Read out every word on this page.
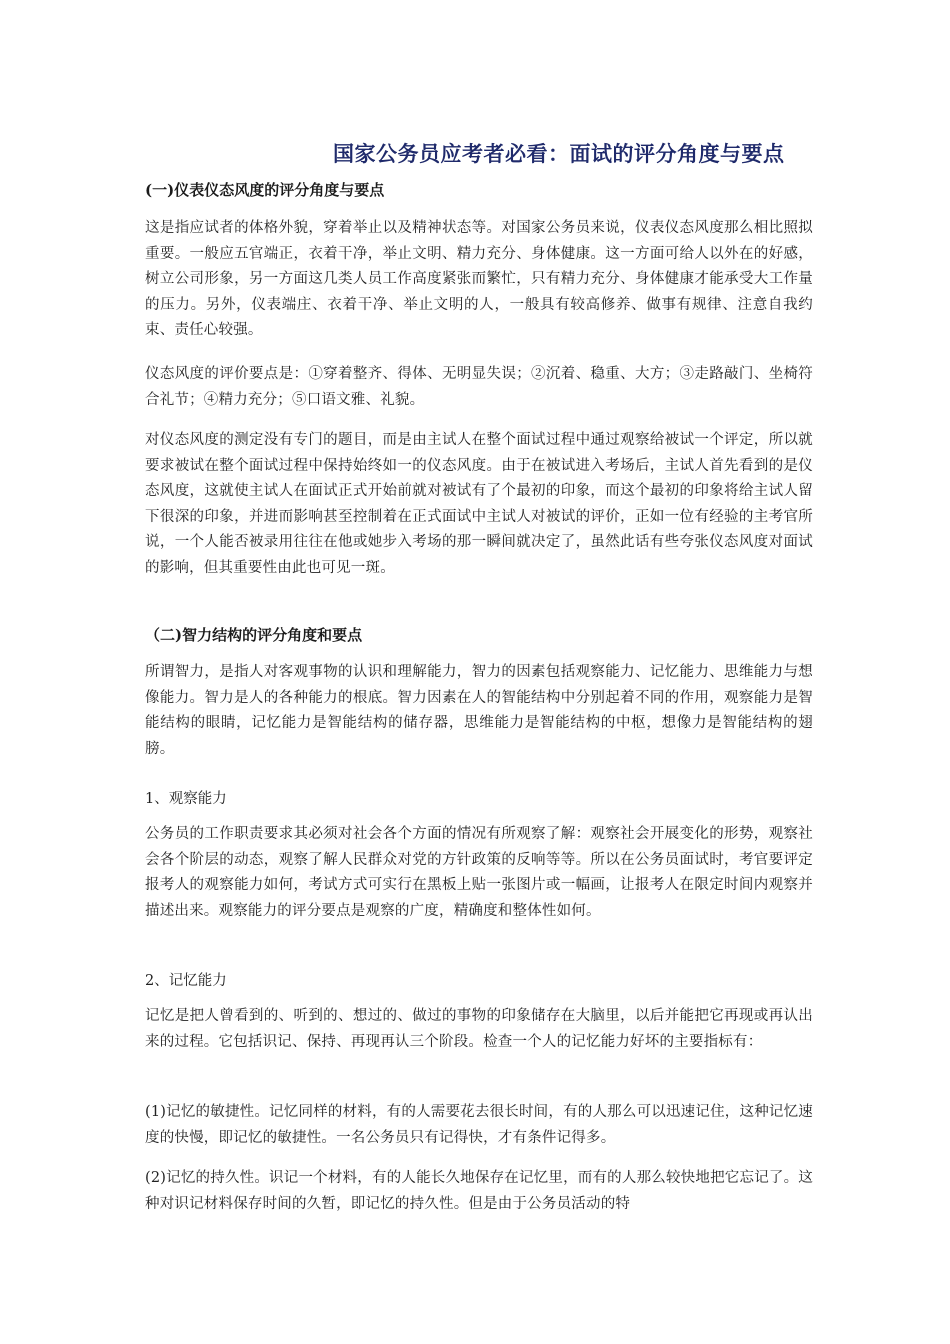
国家公务员应考者必看：面试的评分角度与要点
(一)仪表仪态风度的评分角度与要点

这是指应试者的体格外貌，穿着举止以及精神状态等。对国家公务员来说，仪表仪态风度那么相比照拟重要。一般应五官端正，衣着干净，举止文明、精力充分、身体健康。这一方面可给人以外在的好感，树立公司形象，另一方面这几类人员工作高度紧张而繁忙，只有精力充分、身体健康才能承受大工作量的压力。另外，仪表端庄、衣着干净、举止文明的人，一般具有较高修养、做事有规律、注意自我约束、责任心较强。

仪态风度的评价要点是：①穿着整齐、得体、无明显失误；②沉着、稳重、大方；③走路敲门、坐椅符合礼节；④精力充分；⑤口语文雅、礼貌。

对仪态风度的测定没有专门的题目，而是由主试人在整个面试过程中通过观察给被试一个评定，所以就要求被试在整个面试过程中保持始终如一的仪态风度。由于在被试进入考场后，主试人首先看到的是仪态风度，这就使主试人在面试正式开始前就对被试有了个最初的印象，而这个最初的印象将给主试人留下很深的印象，并进而影响甚至控制着在正式面试中主试人对被试的评价，正如一位有经验的主考官所说，一个人能否被录用往往在他或她步入考场的那一瞬间就决定了，虽然此话有些夸张仪态风度对面试的影响，但其重要性由此也可见一斑。

（二)智力结构的评分角度和要点

所谓智力，是指人对客观事物的认识和理解能力，智力的因素包括观察能力、记忆能力、思维能力与想像能力。智力是人的各种能力的根底。智力因素在人的智能结构中分别起着不同的作用，观察能力是智能结构的眼睛，记忆能力是智能结构的储存器，思维能力是智能结构的中枢，想像力是智能结构的翅膀。

1、观察能力

公务员的工作职责要求其必须对社会各个方面的情况有所观察了解：观察社会开展变化的形势，观察社会各个阶层的动态，观察了解人民群众对党的方针政策的反响等等。所以在公务员面试时，考官要评定报考人的观察能力如何，考试方式可实行在黑板上贴一张图片或一幅画，让报考人在限定时间内观察并描述出来。观察能力的评分要点是观察的广度，精确度和整体性如何。

2、记忆能力

记忆是把人曾看到的、听到的、想过的、做过的事物的印象储存在大脑里，以后并能把它再现或再认出来的过程。它包括识记、保持、再现再认三个阶段。检查一个人的记忆能力好坏的主要指标有：

(1)记忆的敏捷性。记忆同样的材料，有的人需要花去很长时间，有的人那么可以迅速记住，这种记忆速度的快慢，即记忆的敏捷性。一名公务员只有记得快，才有条件记得多。

(2)记忆的持久性。识记一个材料，有的人能长久地保存在记忆里，而有的人那么较快地把它忘记了。这种对识记材料保存时间的久暂，即记忆的持久性。但是由于公务员活动的特
